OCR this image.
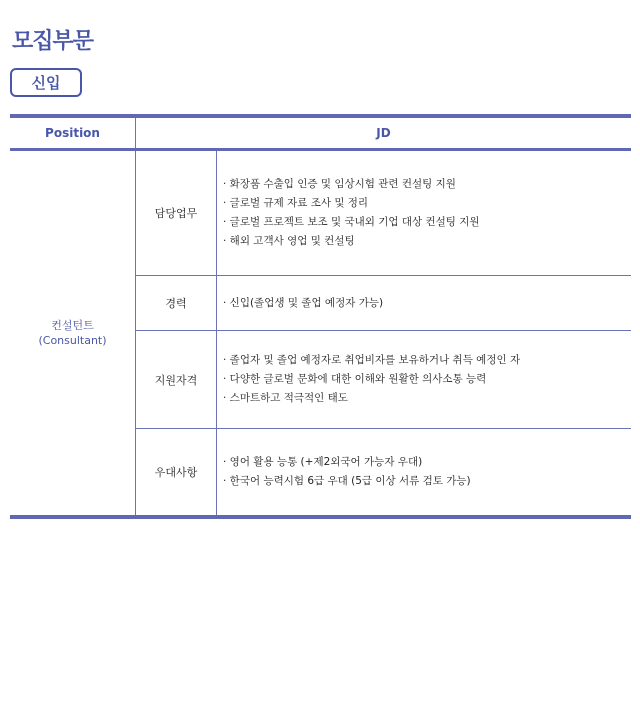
모집부문
신입
Position	JD
컨설턴트
(Consultant)
담당업무
· 화장품 수출입 인증 및 임상시험 관련 컨설팅 지원
· 글로벌 규제 자료 조사 및 정리
· 글로벌 프로젝트 보조 및 국내외 기업 대상 컨설팅 지원
· 해외 고객사 영업 및 컨설팅
경력	· 신입(졸업생 및 졸업 예정자 가능)
지원자격
· 졸업자 및 졸업 예정자로 취업비자를 보유하거나 취득 예정인 자
· 다양한 글로벌 문화에 대한 이해와 원활한 의사소통 능력
· 스마트하고 적극적인 태도
우대사항
· 영어 활용 능통 (+제2외국어 가능자 우대)
· 한국어 능력시험 6급 우대 (5급 이상 서류 검토 가능)
